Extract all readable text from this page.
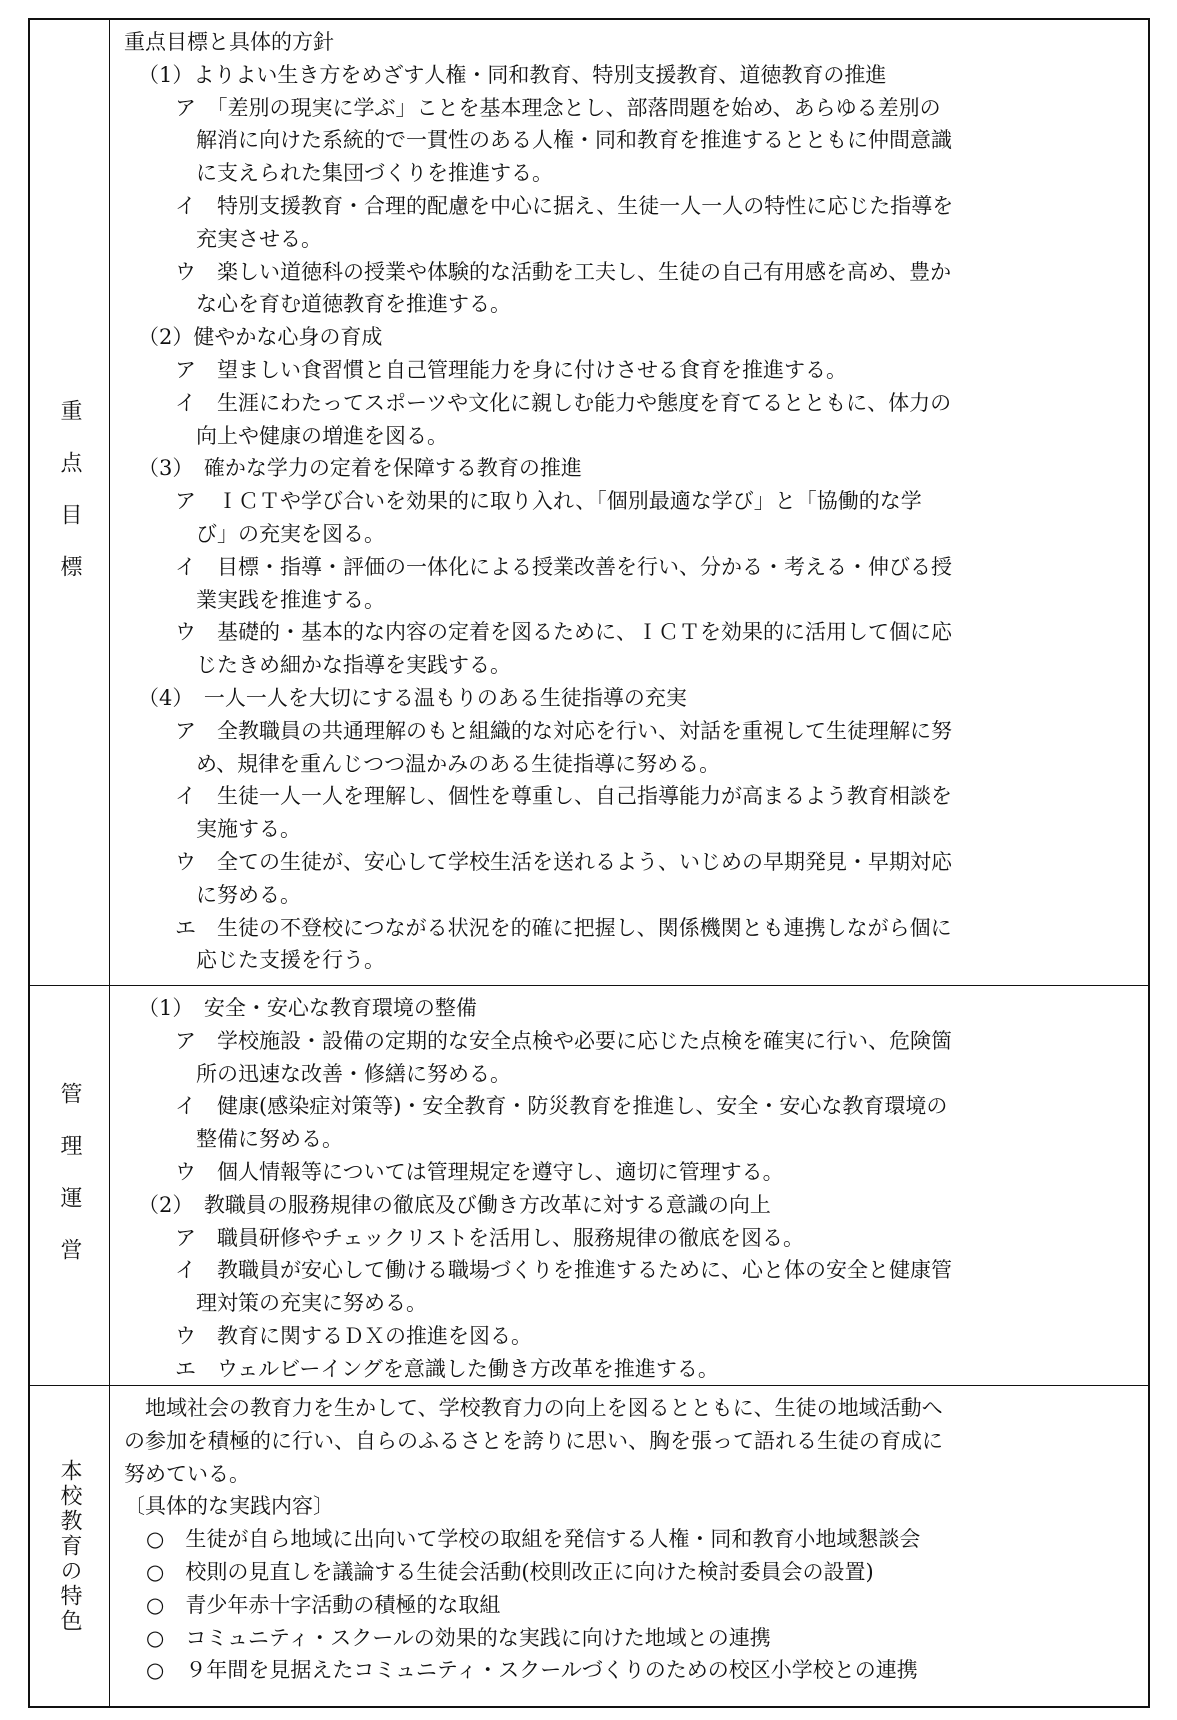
重点目標
重点目標と具体的方針
（1）よりよい生き方をめざす人権・同和教育、特別支援教育、道徳教育の推進
ア　「差別の現実に学ぶ」ことを基本理念とし、部落問題を始め、あらゆる差別の
解消に向けた系統的で一貫性のある人権・同和教育を推進するとともに仲間意識
に支えられた集団づくりを推進する。
イ　特別支援教育・合理的配慮を中心に据え、生徒一人一人の特性に応じた指導を
充実させる。
ウ　楽しい道徳科の授業や体験的な活動を工夫し、生徒の自己有用感を高め、豊か
な心を育む道徳教育を推進する。
（2）健やかな心身の育成
ア　望ましい食習慣と自己管理能力を身に付けさせる食育を推進する。
イ　生涯にわたってスポーツや文化に親しむ能力や態度を育てるとともに、体力の
向上や健康の増進を図る。
（3）　確かな学力の定着を保障する教育の推進
ア　ＩＣＴや学び合いを効果的に取り入れ、「個別最適な学び」と「協働的な学
び」の充実を図る。
イ　目標・指導・評価の一体化による授業改善を行い、分かる・考える・伸びる授
業実践を推進する。
ウ　基礎的・基本的な内容の定着を図るために、ＩＣＴを効果的に活用して個に応
じたきめ細かな指導を実践する。
（4）　一人一人を大切にする温もりのある生徒指導の充実
ア　全教職員の共通理解のもと組織的な対応を行い、対話を重視して生徒理解に努
め、規律を重んじつつ温かみのある生徒指導に努める。
イ　生徒一人一人を理解し、個性を尊重し、自己指導能力が高まるよう教育相談を
実施する。
ウ　全ての生徒が、安心して学校生活を送れるよう、いじめの早期発見・早期対応
に努める。
エ　生徒の不登校につながる状況を的確に把握し、関係機関とも連携しながら個に
応じた支援を行う。
管理運営
（1）　安全・安心な教育環境の整備
ア　学校施設・設備の定期的な安全点検や必要に応じた点検を確実に行い、危険箇
所の迅速な改善・修繕に努める。
イ　健康(感染症対策等)・安全教育・防災教育を推進し、安全・安心な教育環境の
整備に努める。
ウ　個人情報等については管理規定を遵守し、適切に管理する。
（2）　教職員の服務規律の徹底及び働き方改革に対する意識の向上
ア　職員研修やチェックリストを活用し、服務規律の徹底を図る。
イ　教職員が安心して働ける職場づくりを推進するために、心と体の安全と健康管
理対策の充実に努める。
ウ　教育に関するＤＸの推進を図る。
エ　ウェルビーイングを意識した働き方改革を推進する。
本校教育の特色
地域社会の教育力を生かして、学校教育力の向上を図るとともに、生徒の地域活動へ
の参加を積極的に行い、自らのふるさとを誇りに思い、胸を張って語れる生徒の育成に
努めている。
〔具体的な実践内容〕
○　生徒が自ら地域に出向いて学校の取組を発信する人権・同和教育小地域懇談会
○　校則の見直しを議論する生徒会活動(校則改正に向けた検討委員会の設置)
○　青少年赤十字活動の積極的な取組
○　コミュニティ・スクールの効果的な実践に向けた地域との連携
○　９年間を見据えたコミュニティ・スクールづくりのための校区小学校との連携
